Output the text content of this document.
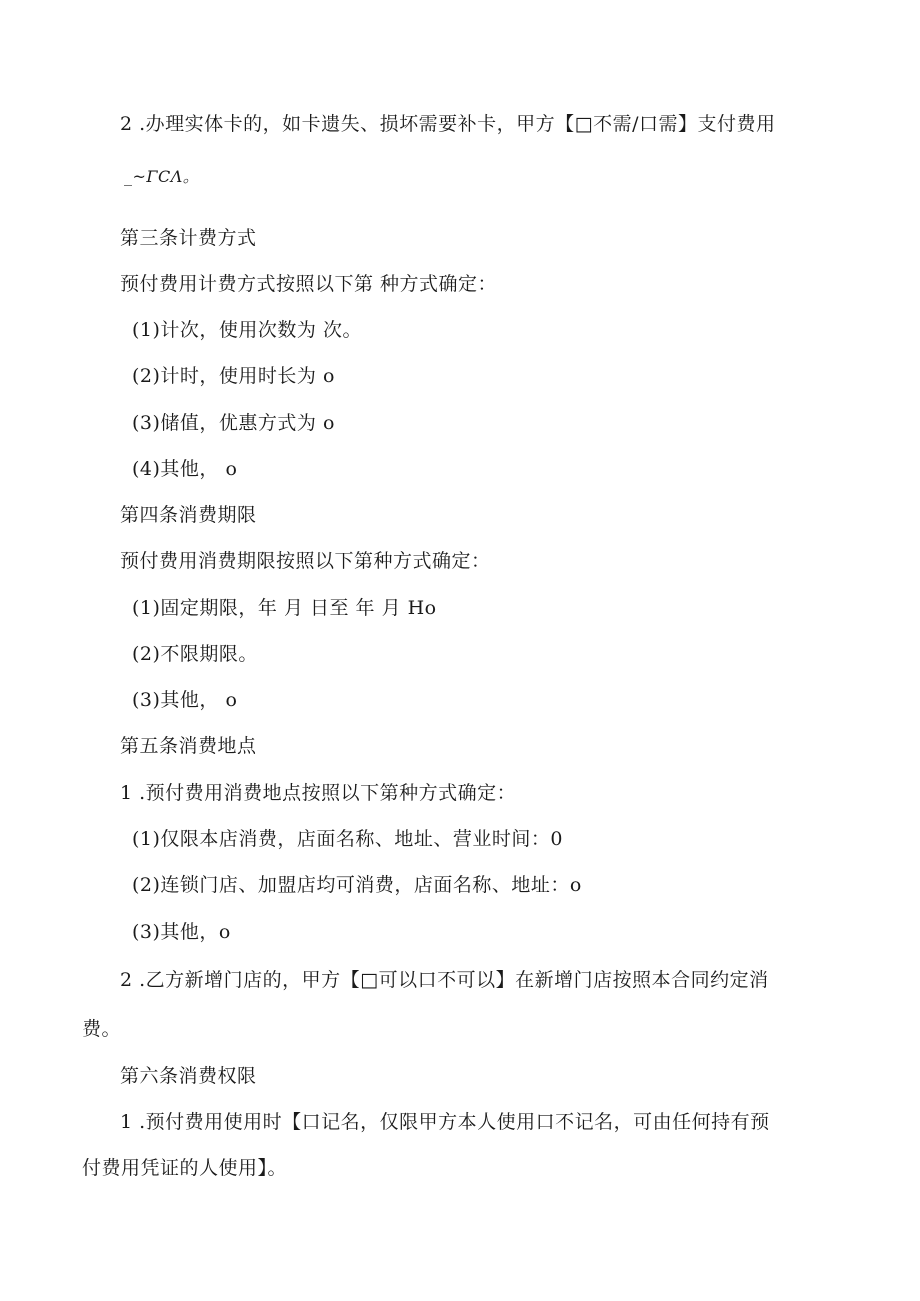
2 .办理实体卡的，如卡遗失、损坏需要补卡，甲方【□不需/口需】支付费用
_~ΓCΛ。
第三条计费方式
预付费用计费方式按照以下第 种方式确定：
(1)计次，使用次数为 次。
(2)计时，使用时长为 o
(3)储值，优惠方式为 o
(4)其他， o
第四条消费期限
预付费用消费期限按照以下第种方式确定：
(1)固定期限，年 月 日至 年 月 Ho
(2)不限期限。
(3)其他， o
第五条消费地点
1 .预付费用消费地点按照以下第种方式确定：
(1)仅限本店消费，店面名称、地址、营业时间：0
(2)连锁门店、加盟店均可消费，店面名称、地址：o
(3)其他，o
2 .乙方新增门店的，甲方【□可以口不可以】在新增门店按照本合同约定消
费。
第六条消费权限
1 .预付费用使用时【口记名，仅限甲方本人使用口不记名，可由任何持有预
付费用凭证的人使用】。
